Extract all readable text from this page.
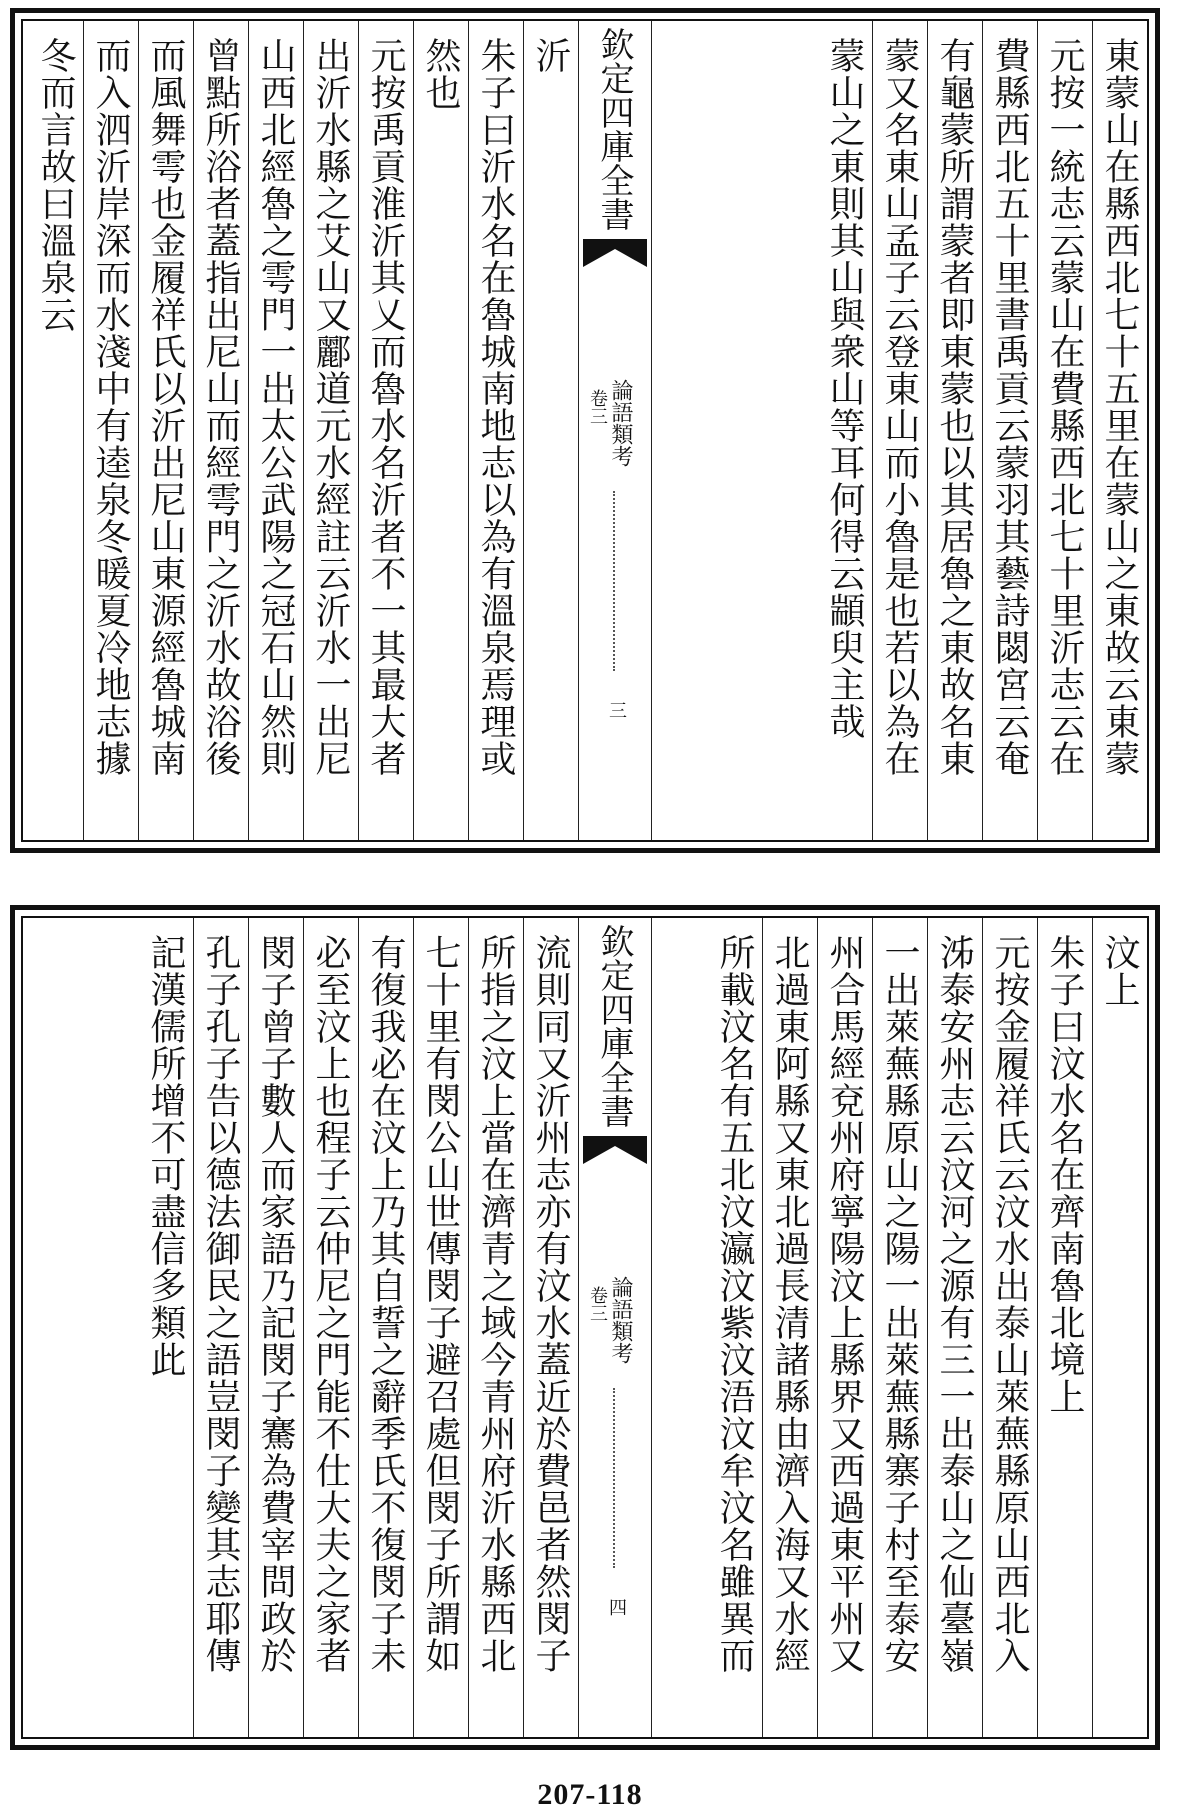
沂
朱子曰沂水名在魯城南地志以為有溫泉焉理或
然也
元按禹貢淮沂其乂而魯水名沂者不一其最大者
出沂水縣之艾山又酈道元水經註云沂水一出尼
山西北經魯之雩門一出太公武陽之冠石山然則
曾點所浴者蓋指出尼山而經雩門之沂水故浴後
而風舞雩也金履祥氏以沂出尼山東源經魯城南
而入泗沂岸深而水淺中有逵泉冬暖夏冷地志據
冬而言故曰溫泉云	欽定四庫全書
論語類考
卷三
三	東蒙山在縣西北七十五里在蒙山之東故云東蒙
元按一統志云蒙山在費縣西北七十里沂志云在
費縣西北五十里書禹貢云蒙羽其藝詩閟宮云奄
有龜蒙所謂蒙者即東蒙也以其居魯之東故名東
蒙又名東山孟子云登東山而小魯是也若以為在
蒙山之東則其山與衆山等耳何得云顓臾主哉
流則同又沂州志亦有汶水蓋近於費邑者然閔子
所指之汶上當在濟青之域今青州府沂水縣西北
七十里有閔公山世傳閔子避召處但閔子所謂如
有復我必在汶上乃其自誓之辭季氏不復閔子未
必至汶上也程子云仲尼之門能不仕大夫之家者
閔子曾子數人而家語乃記閔子騫為費宰問政於
孔子孔子告以德法御民之語豈閔子變其志耶傳
記漢儒所增不可盡信多類此	欽定四庫全書
論語類考
卷三
四
汶上
朱子曰汶水名在齊南魯北境上
元按金履祥氏云汶水出泰山萊蕪縣原山西北入
泲泰安州志云汶河之源有三一出泰山之仙臺嶺
一出萊蕪縣原山之陽一出萊蕪縣寨子村至泰安
州合馬經兗州府寧陽汶上縣界又西過東平州又
北過東阿縣又東北過長清諸縣由濟入海又水經
所載汶名有五北汶瀛汶紫汶浯汶牟汶名雖異而
207-118
